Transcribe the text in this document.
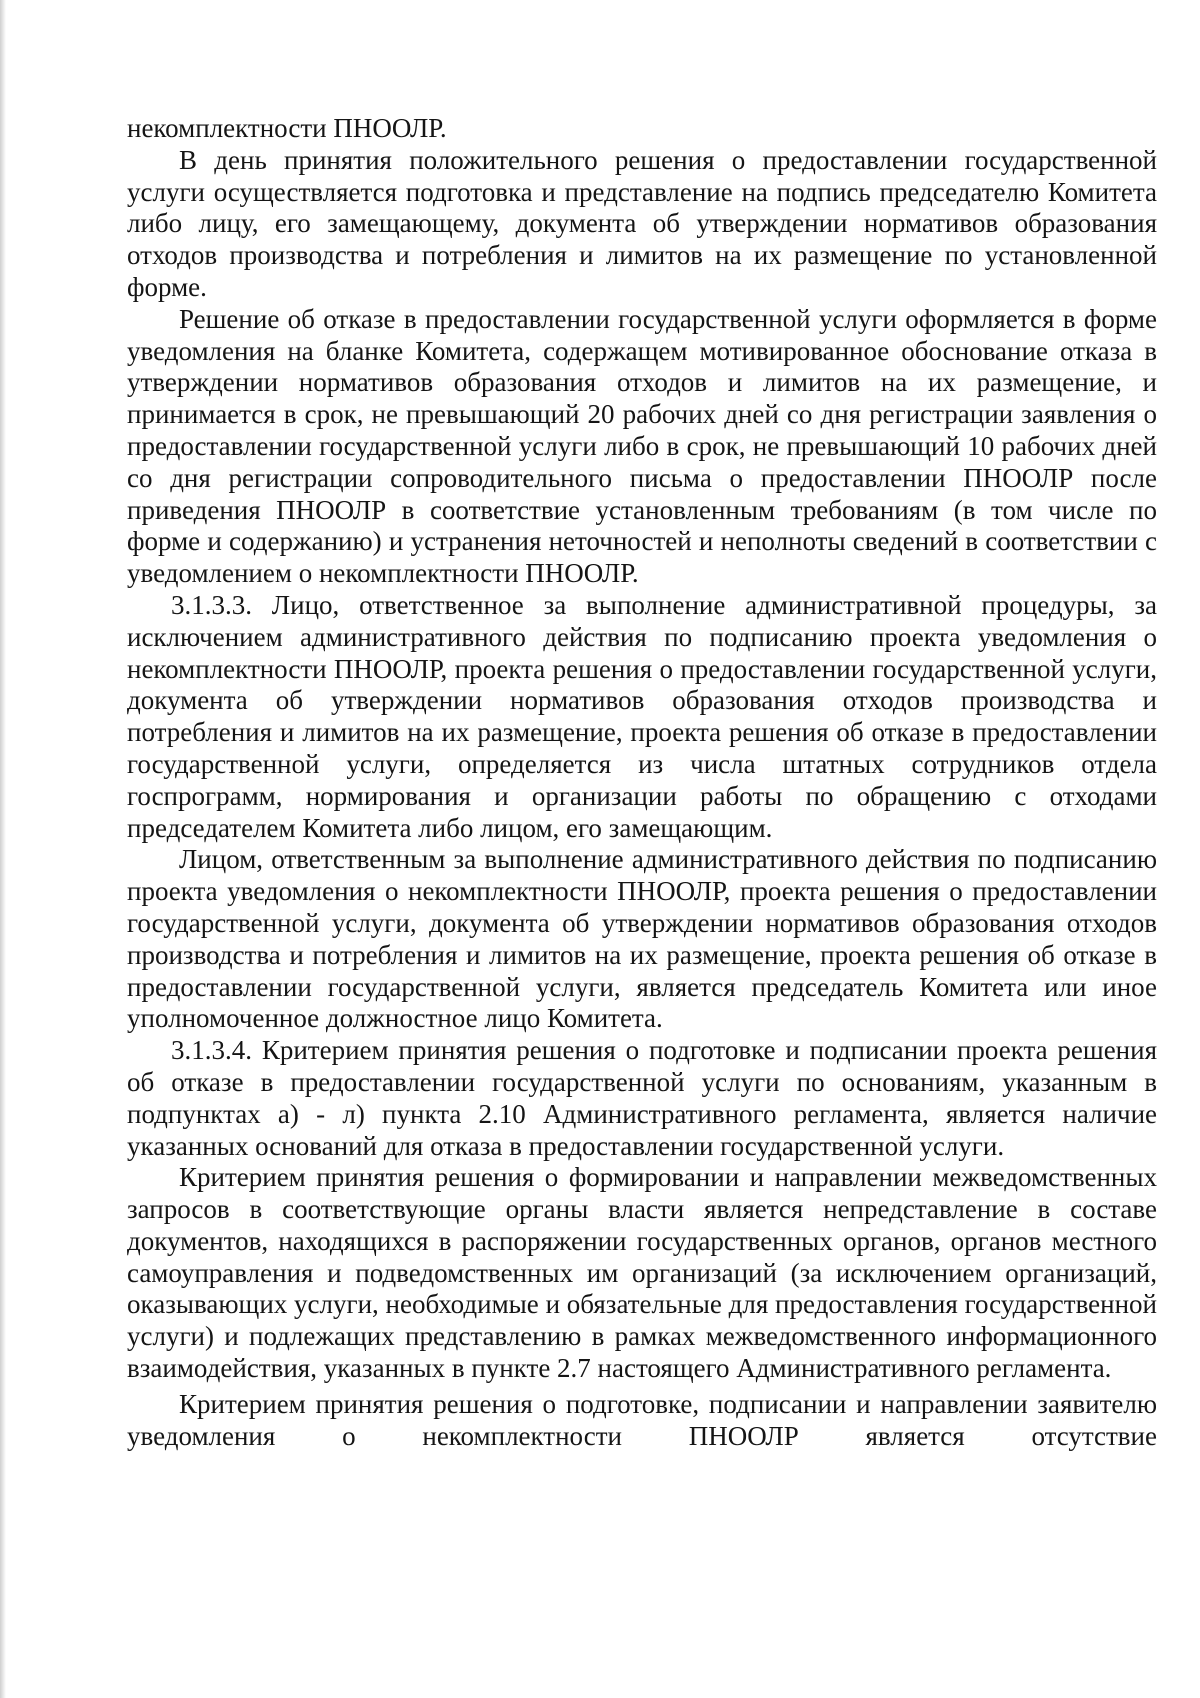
некомплектности ПНООЛР.

В день принятия положительного решения о предоставлении государственной услуги осуществляется подготовка и представление на подпись председателю Комитета либо лицу, его замещающему, документа об утверждении нормативов образования отходов производства и потребления и лимитов на их размещение по установленной форме.

Решение об отказе в предоставлении государственной услуги оформляется в форме уведомления на бланке Комитета, содержащем мотивированное обоснование отказа в утверждении нормативов образования отходов и лимитов на их размещение, и принимается в срок, не превышающий 20 рабочих дней со дня регистрации заявления о предоставлении государственной услуги либо в срок, не превышающий 10 рабочих дней со дня регистрации сопроводительного письма о предоставлении ПНООЛР после приведения ПНООЛР в соответствие установленным требованиям (в том числе по форме и содержанию) и устранения неточностей и неполноты сведений в соответствии с уведомлением о некомплектности ПНООЛР.

3.1.3.3. Лицо, ответственное за выполнение административной процедуры, за исключением административного действия по подписанию проекта уведомления о некомплектности ПНООЛР, проекта решения о предоставлении государственной услуги, документа об утверждении нормативов образования отходов производства и потребления и лимитов на их размещение, проекта решения об отказе в предоставлении государственной услуги, определяется из числа штатных сотрудников отдела госпрограмм, нормирования и организации работы по обращению с отходами председателем Комитета либо лицом, его замещающим.

Лицом, ответственным за выполнение административного действия по подписанию проекта уведомления о некомплектности ПНООЛР, проекта решения о предоставлении государственной услуги, документа об утверждении нормативов образования отходов производства и потребления и лимитов на их размещение, проекта решения об отказе в предоставлении государственной услуги, является председатель Комитета или иное уполномоченное должностное лицо Комитета.

3.1.3.4. Критерием принятия решения о подготовке и подписании проекта решения об отказе в предоставлении государственной услуги по основаниям, указанным в подпунктах а) - л) пункта 2.10 Административного регламента, является наличие указанных оснований для отказа в предоставлении государственной услуги.

Критерием принятия решения о формировании и направлении межведомственных запросов в соответствующие органы власти является непредставление в составе документов, находящихся в распоряжении государственных органов, органов местного самоуправления и подведомственных им организаций (за исключением организаций, оказывающих услуги, необходимые и обязательные для предоставления государственной услуги) и подлежащих представлению в рамках межведомственного информационного взаимодействия, указанных в пункте 2.7 настоящего Административного регламента.

Критерием принятия решения о подготовке, подписании и направлении заявителю уведомления о некомплектности ПНООЛР является отсутствие
